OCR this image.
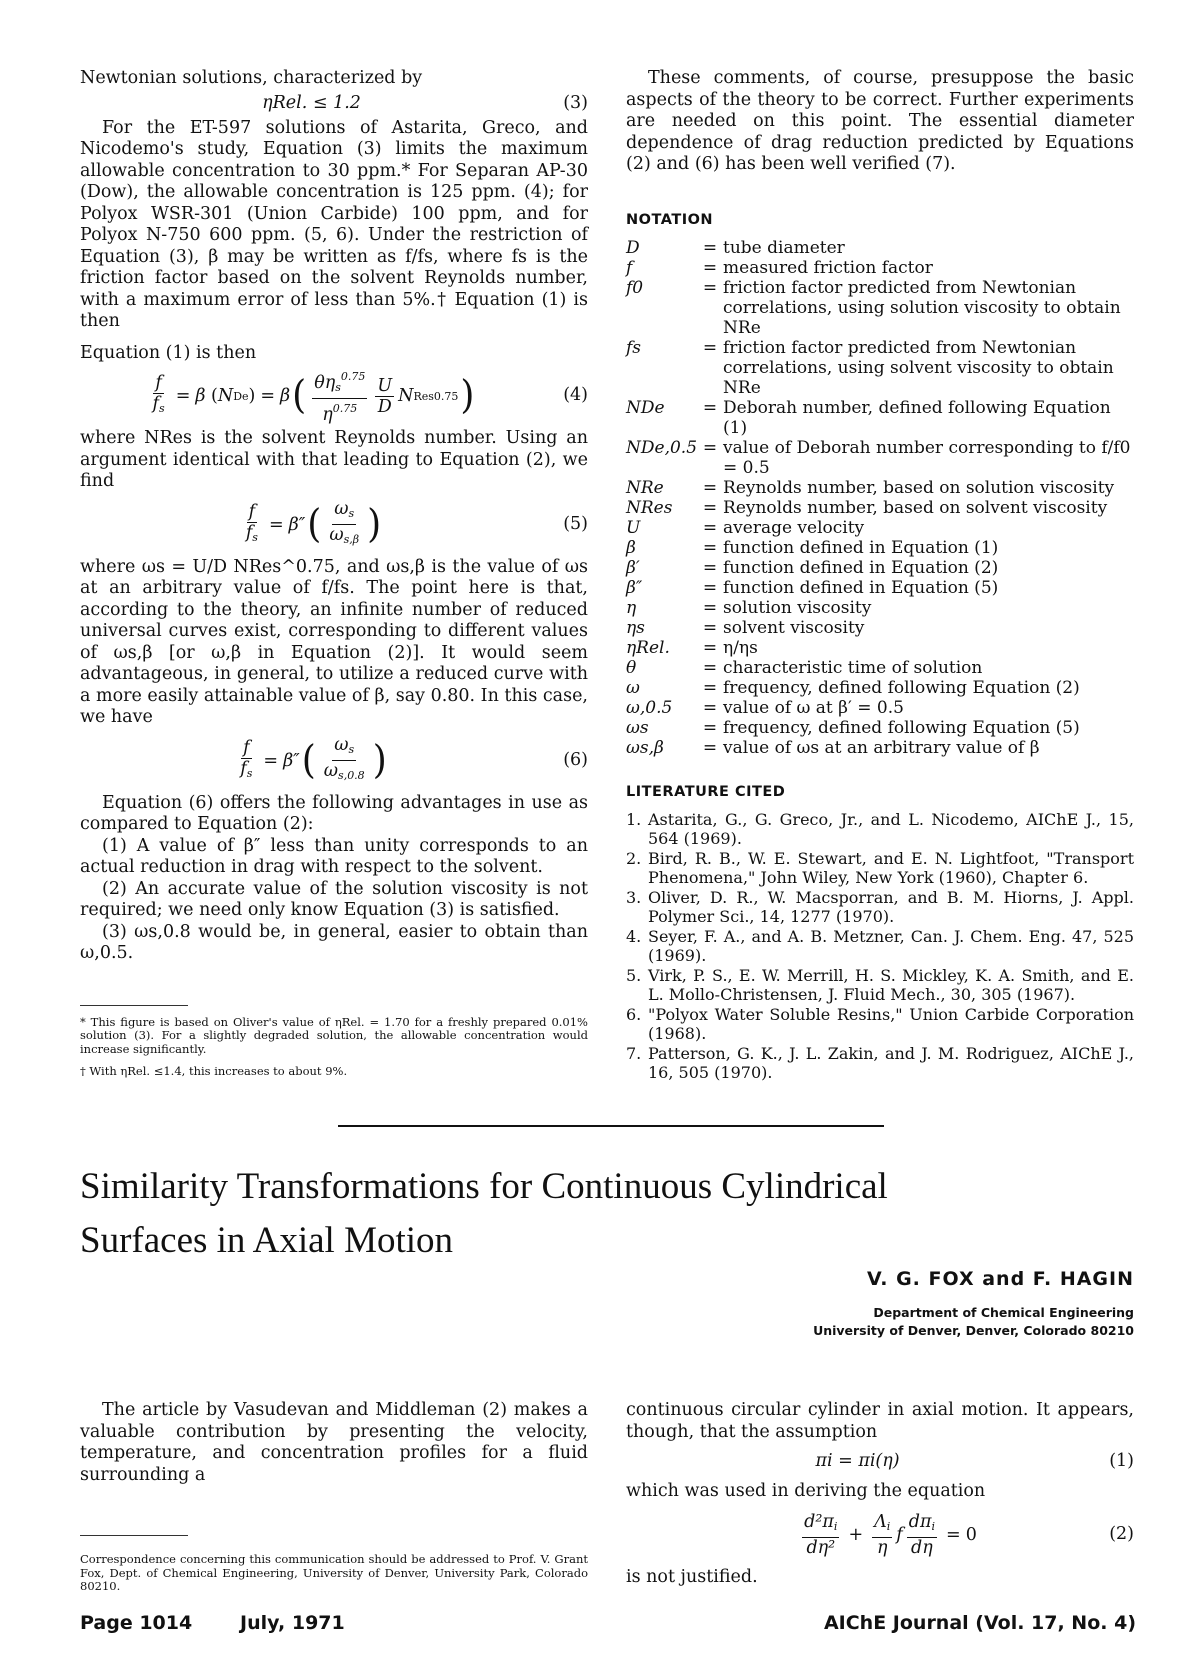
Newtonian solutions, characterized by

ηRel. ≤ 1.2	(3)

For the ET-597 solutions of Astarita, Greco, and Nicodemo's study, Equation (3) limits the maximum allowable concentration to 30 ppm.* For Separan AP-30 (Dow), the allowable concentration is 125 ppm. (4); for Polyox WSR-301 (Union Carbide) 100 ppm, and for Polyox N-750 600 ppm. (5, 6). Under the restriction of Equation (3), β may be written as f/fs, where fs is the friction factor based on the solvent Reynolds number, with a maximum error of less than 5%.† Equation (1) is then

Equation (1) is then

$\frac{f}{f_s} = \beta$ ( N De ) = β ( $\frac{\theta\eta_s^{0.75}}{\eta^{0.75}} \frac{U}{D}$ N Res 0.75 )	(4)

where NRes is the solvent Reynolds number. Using an argument identical with that leading to Equation (2), we find

$\frac{f}{f_s} = \beta''$ ( $\frac{\omega_s}{\omega_{s,\beta}}$ )	(5)

where ωs = U/D NRes^0.75, and ωs,β is the value of ωs at an arbitrary value of f/fs. The point here is that, according to the theory, an infinite number of reduced universal curves exist, corresponding to different values of ωs,β [or ω,β in Equation (2)]. It would seem advantageous, in general, to utilize a reduced curve with a more easily attainable value of β, say 0.80. In this case, we have

$\frac{f}{f_s} = \beta''$ ( $\frac{\omega_s}{\omega_{s,0.8}}$ )	(6)

Equation (6) offers the following advantages in use as compared to Equation (2):

(1) A value of β″ less than unity corresponds to an actual reduction in drag with respect to the solvent.

(2) An accurate value of the solution viscosity is not required; we need only know Equation (3) is satisfied.

(3) ωs,0.8 would be, in general, easier to obtain than ω,0.5.

* This figure is based on Oliver's value of ηRel. = 1.70 for a freshly prepared 0.01% solution (3). For a slightly degraded solution, the allowable concentration would increase significantly.

† With ηRel. ≤1.4, this increases to about 9%.

These comments, of course, presuppose the basic aspects of the theory to be correct. Further experiments are needed on this point. The essential diameter dependence of drag reduction predicted by Equations (2) and (6) has been well verified (7).

NOTATION
D	=	tube diameter
f	=	measured friction factor
f0	=	friction factor predicted from Newtonian correlations, using solution viscosity to obtain NRe
fs	=	friction factor predicted from Newtonian correlations, using solvent viscosity to obtain NRe
NDe	=	Deborah number, defined following Equation (1)
NDe,0.5	=	value of Deborah number corresponding to f/f0 = 0.5
NRe	=	Reynolds number, based on solution viscosity
NRes	=	Reynolds number, based on solvent viscosity
U	=	average velocity
β	=	function defined in Equation (1)
β′	=	function defined in Equation (2)
β″	=	function defined in Equation (5)
η	=	solution viscosity
ηs	=	solvent viscosity
ηRel.	=	η/ηs
θ	=	characteristic time of solution
ω	=	frequency, defined following Equation (2)
ω,0.5	=	value of ω at β′ = 0.5
ωs	=	frequency, defined following Equation (5)
ωs,β	=	value of ωs at an arbitrary value of β
LITERATURE CITED
1. Astarita, G., G. Greco, Jr., and L. Nicodemo, AIChE J., 15, 564 (1969).
2. Bird, R. B., W. E. Stewart, and E. N. Lightfoot, "Transport Phenomena," John Wiley, New York (1960), Chapter 6.
3. Oliver, D. R., W. Macsporran, and B. M. Hiorns, J. Appl. Polymer Sci., 14, 1277 (1970).
4. Seyer, F. A., and A. B. Metzner, Can. J. Chem. Eng. 47, 525 (1969).
5. Virk, P. S., E. W. Merrill, H. S. Mickley, K. A. Smith, and E. L. Mollo-Christensen, J. Fluid Mech., 30, 305 (1967).
6. "Polyox Water Soluble Resins," Union Carbide Corporation (1968).
7. Patterson, G. K., J. L. Zakin, and J. M. Rodriguez, AIChE J., 16, 505 (1970).
Similarity Transformations for Continuous Cylindrical
Surfaces in Axial Motion
V. G. FOX and F. HAGIN
Department of Chemical Engineering
University of Denver, Denver, Colorado 80210

The article by Vasudevan and Middleman (2) makes a valuable contribution by presenting the velocity, temperature, and concentration profiles for a fluid surrounding a

continuous circular cylinder in axial motion. It appears, though, that the assumption

πi = πi(η)	(1)

which was used in deriving the equation

$\frac{d^2\pi_i}{\text{dη²}} + \frac{\Lambda_i}{\eta}$ f $\frac{d\pi_i}{d\eta} = 0$	(2)

is not justified.

Correspondence concerning this communication should be addressed to Prof. V. Grant Fox, Dept. of Chemical Engineering, University of Denver, University Park, Colorado 80210.

Page 1014	July, 1971	AIChE Journal (Vol. 17, No. 4)
